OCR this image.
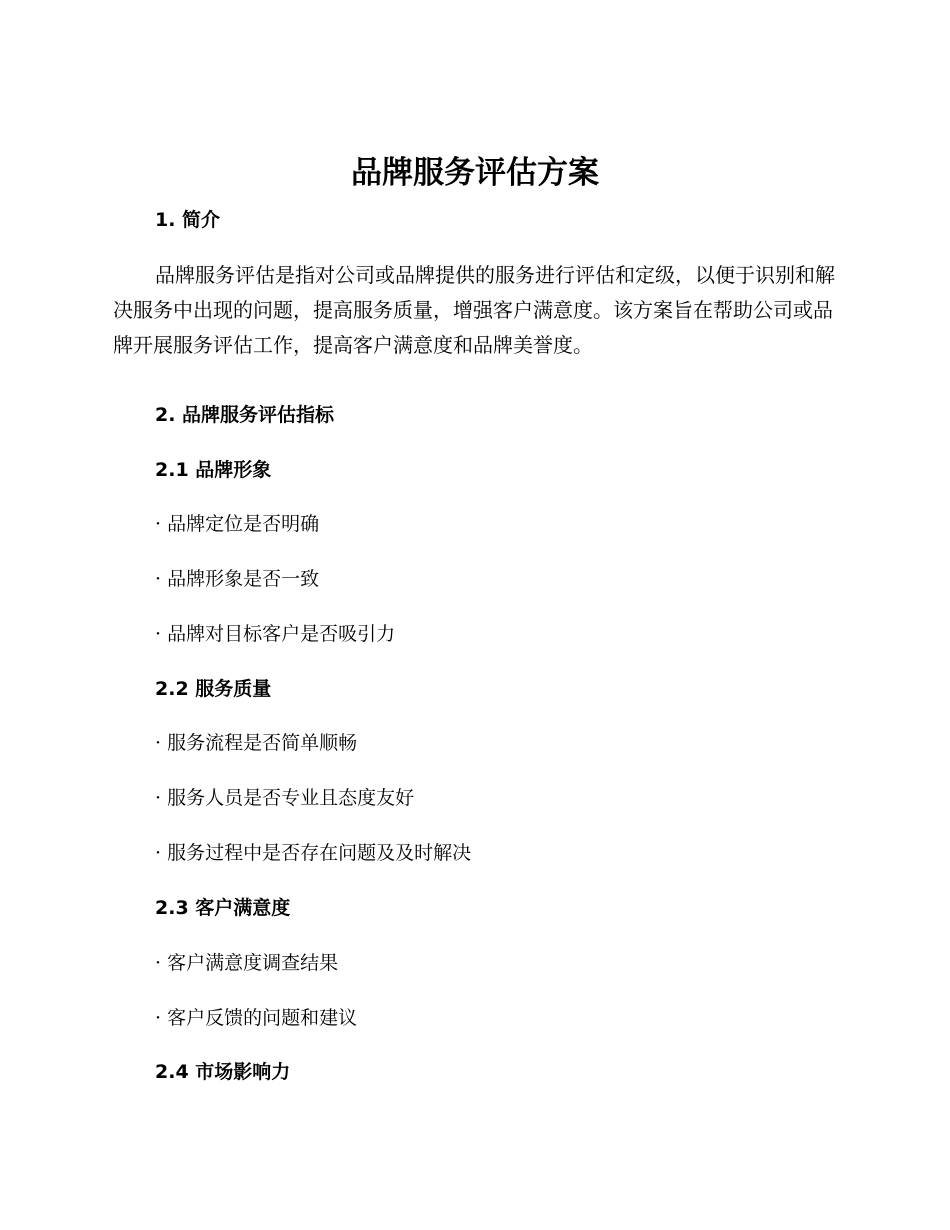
品牌服务评估方案
1. 简介
品牌服务评估是指对公司或品牌提供的服务进行评估和定级，以便于识别和解决服务中出现的问题，提高服务质量，增强客户满意度。该方案旨在帮助公司或品牌开展服务评估工作，提高客户满意度和品牌美誉度。
2. 品牌服务评估指标
2.1 品牌形象
· 品牌定位是否明确
· 品牌形象是否一致
· 品牌对目标客户是否吸引力
2.2 服务质量
· 服务流程是否简单顺畅
· 服务人员是否专业且态度友好
· 服务过程中是否存在问题及及时解决
2.3 客户满意度
· 客户满意度调查结果
· 客户反馈的问题和建议
2.4 市场影响力
